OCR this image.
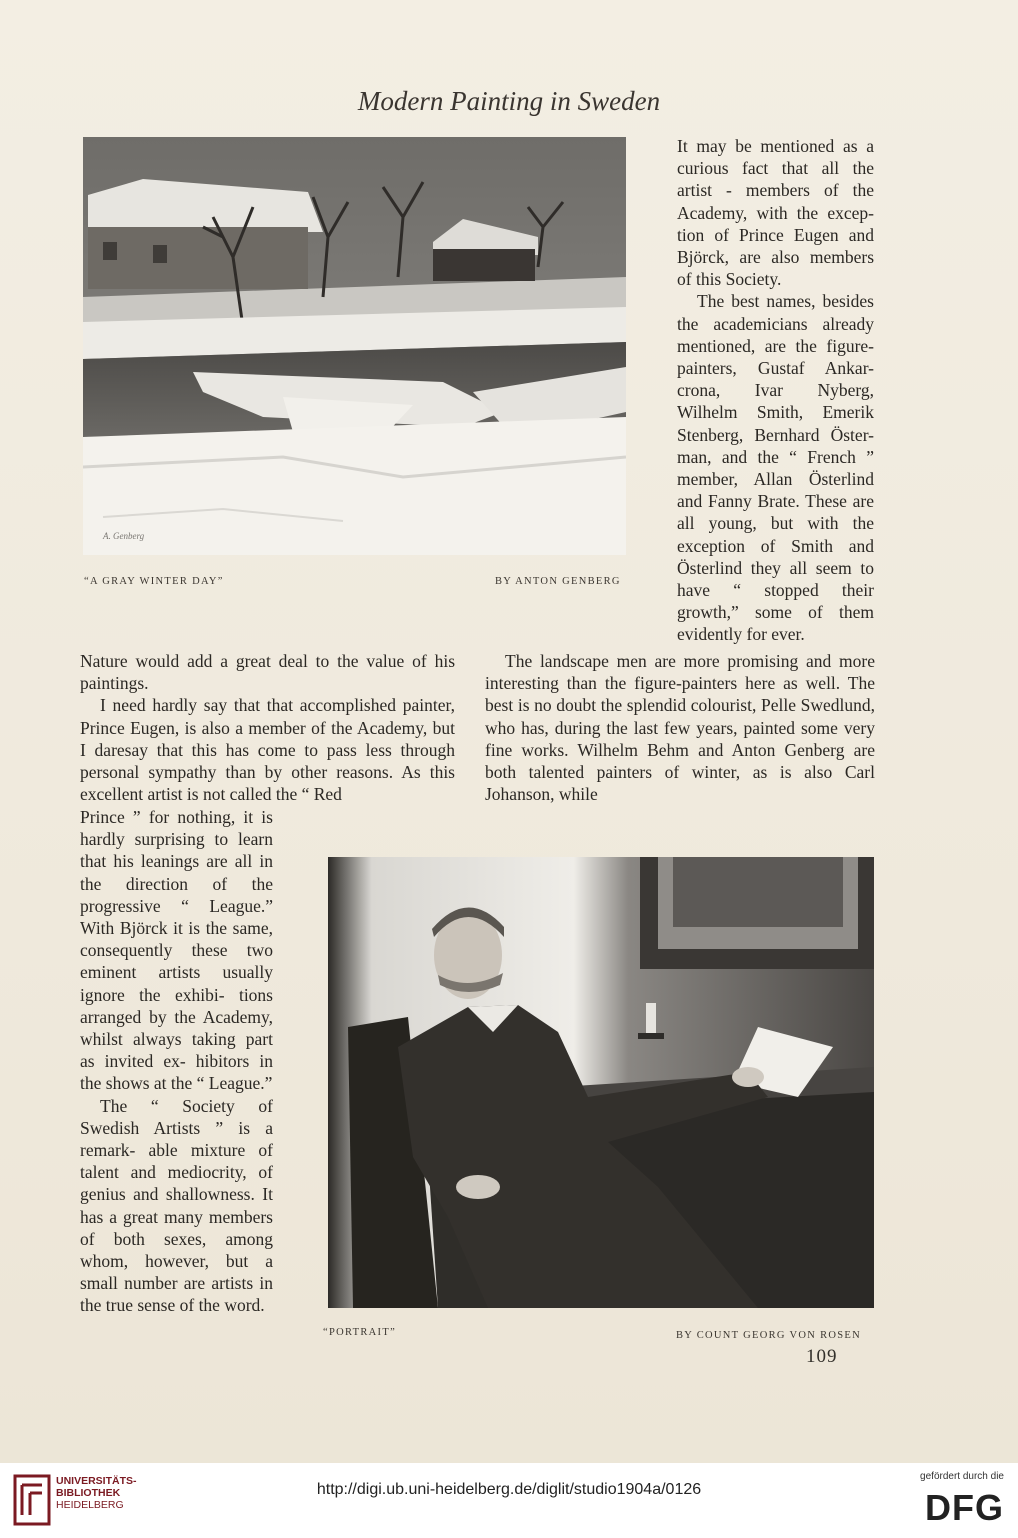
Modern Painting in Sweden
A. Genberg
“A GRAY WINTER DAY”	BY ANTON GENBERG

It may be mentioned as a curious fact that all the artist - members of the Academy, with the excep- tion of Prince Eugen and Björck, are also members of this Society.

The best names, besides the academicians already mentioned, are the figure- painters, Gustaf Ankar- crona, Ivar Nyberg, Wilhelm Smith, Emerik Stenberg, Bernhard Öster- man, and the “ French ” member, Allan Österlind and Fanny Brate. These are all young, but with the exception of Smith and Österlind they all seem to have “ stopped their growth,” some of them evidently for ever.

Nature would add a great deal to the value of his paintings.

I need hardly say that that accomplished painter, Prince Eugen, is also a member of the Academy, but I daresay that this has come to pass less through personal sympathy than by other reasons. As this excellent artist is not called the “ Red

The landscape men are more promising and more interesting than the figure-painters here as well. The best is no doubt the splendid colourist, Pelle Swedlund, who has, during the last few years, painted some very fine works. Wilhelm Behm and Anton Genberg are both talented painters of winter, as is also Carl Johanson, while

Prince ” for nothing, it is hardly surprising to learn that his leanings are all in the direction of the progressive “ League.” With Björck it is the same, consequently these two eminent artists usually ignore the exhibi- tions arranged by the Academy, whilst always taking part as invited ex- hibitors in the shows at the “ League.”

The “ Society of Swedish Artists ” is a remark- able mixture of talent and mediocrity, of genius and shallowness. It has a great many members of both sexes, among whom, however, but a small number are artists in the true sense of the word.

“PORTRAIT”	BY COUNT GEORG VON ROSEN
109
UNIVERSITÄTS-
BIBLIOTHEK
HEIDELBERG
http://digi.ub.uni-heidelberg.de/diglit/studio1904a/0126
gefördert durch die
DFG
